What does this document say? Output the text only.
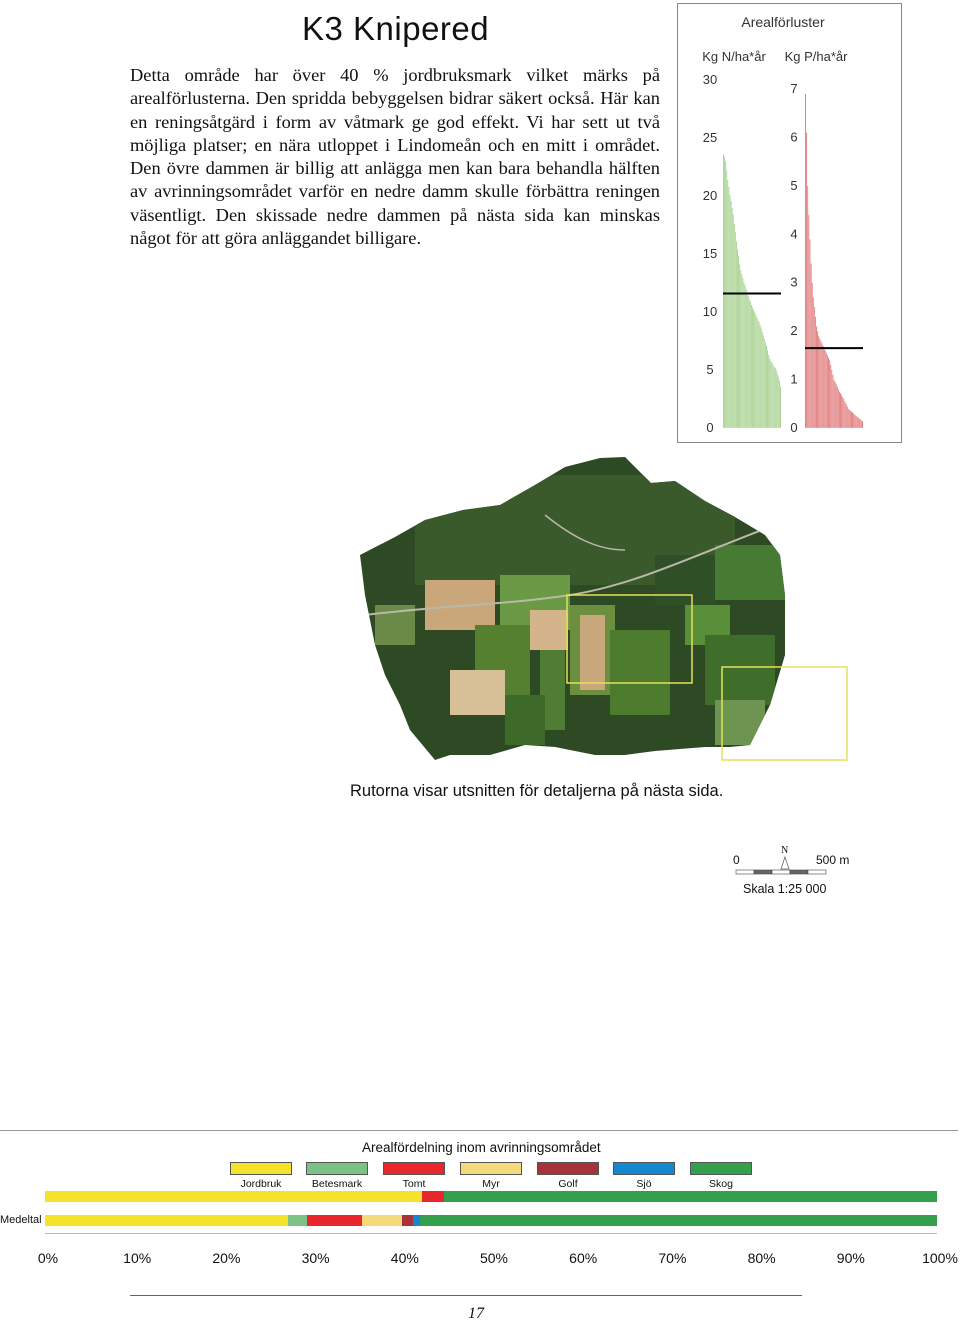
K3 Knipered

Detta område har över 40 % jordbruksmark vilket märks på arealförlusterna. Den spridda bebyggelsen bidrar säkert också. Här kan en reningsåtgärd i form av våtmark ge god effekt. Vi har sett ut två möjliga platser; en nära utloppet i Lindomeån och en mitt i området. Den övre dammen är billig att anlägga men kan bara behandla hälften av avrinningsområdet varför en nedre damm skulle förbättra reningen väsentligt. Den skissade nedre dammen på nästa sida kan minskas något för att göra anläggandet billigare.

Arealförluster
Kg N/ha*år
0
5
10
15
20
25
30
Kg P/ha*år
0
1
2
3
4
5
6
7
Rutorna visar utsnitten för detaljerna på nästa sida.
0
N
500 m
Skala 1:25 000
Arealfördelning inom avrinningsområdet
Jordbruk	Betesmark	Tomt	Myr	Golf	Sjö	Skog
Medeltal
0%	10%	20%	30%	40%	50%	60%	70%	80%	90%	100%
17
